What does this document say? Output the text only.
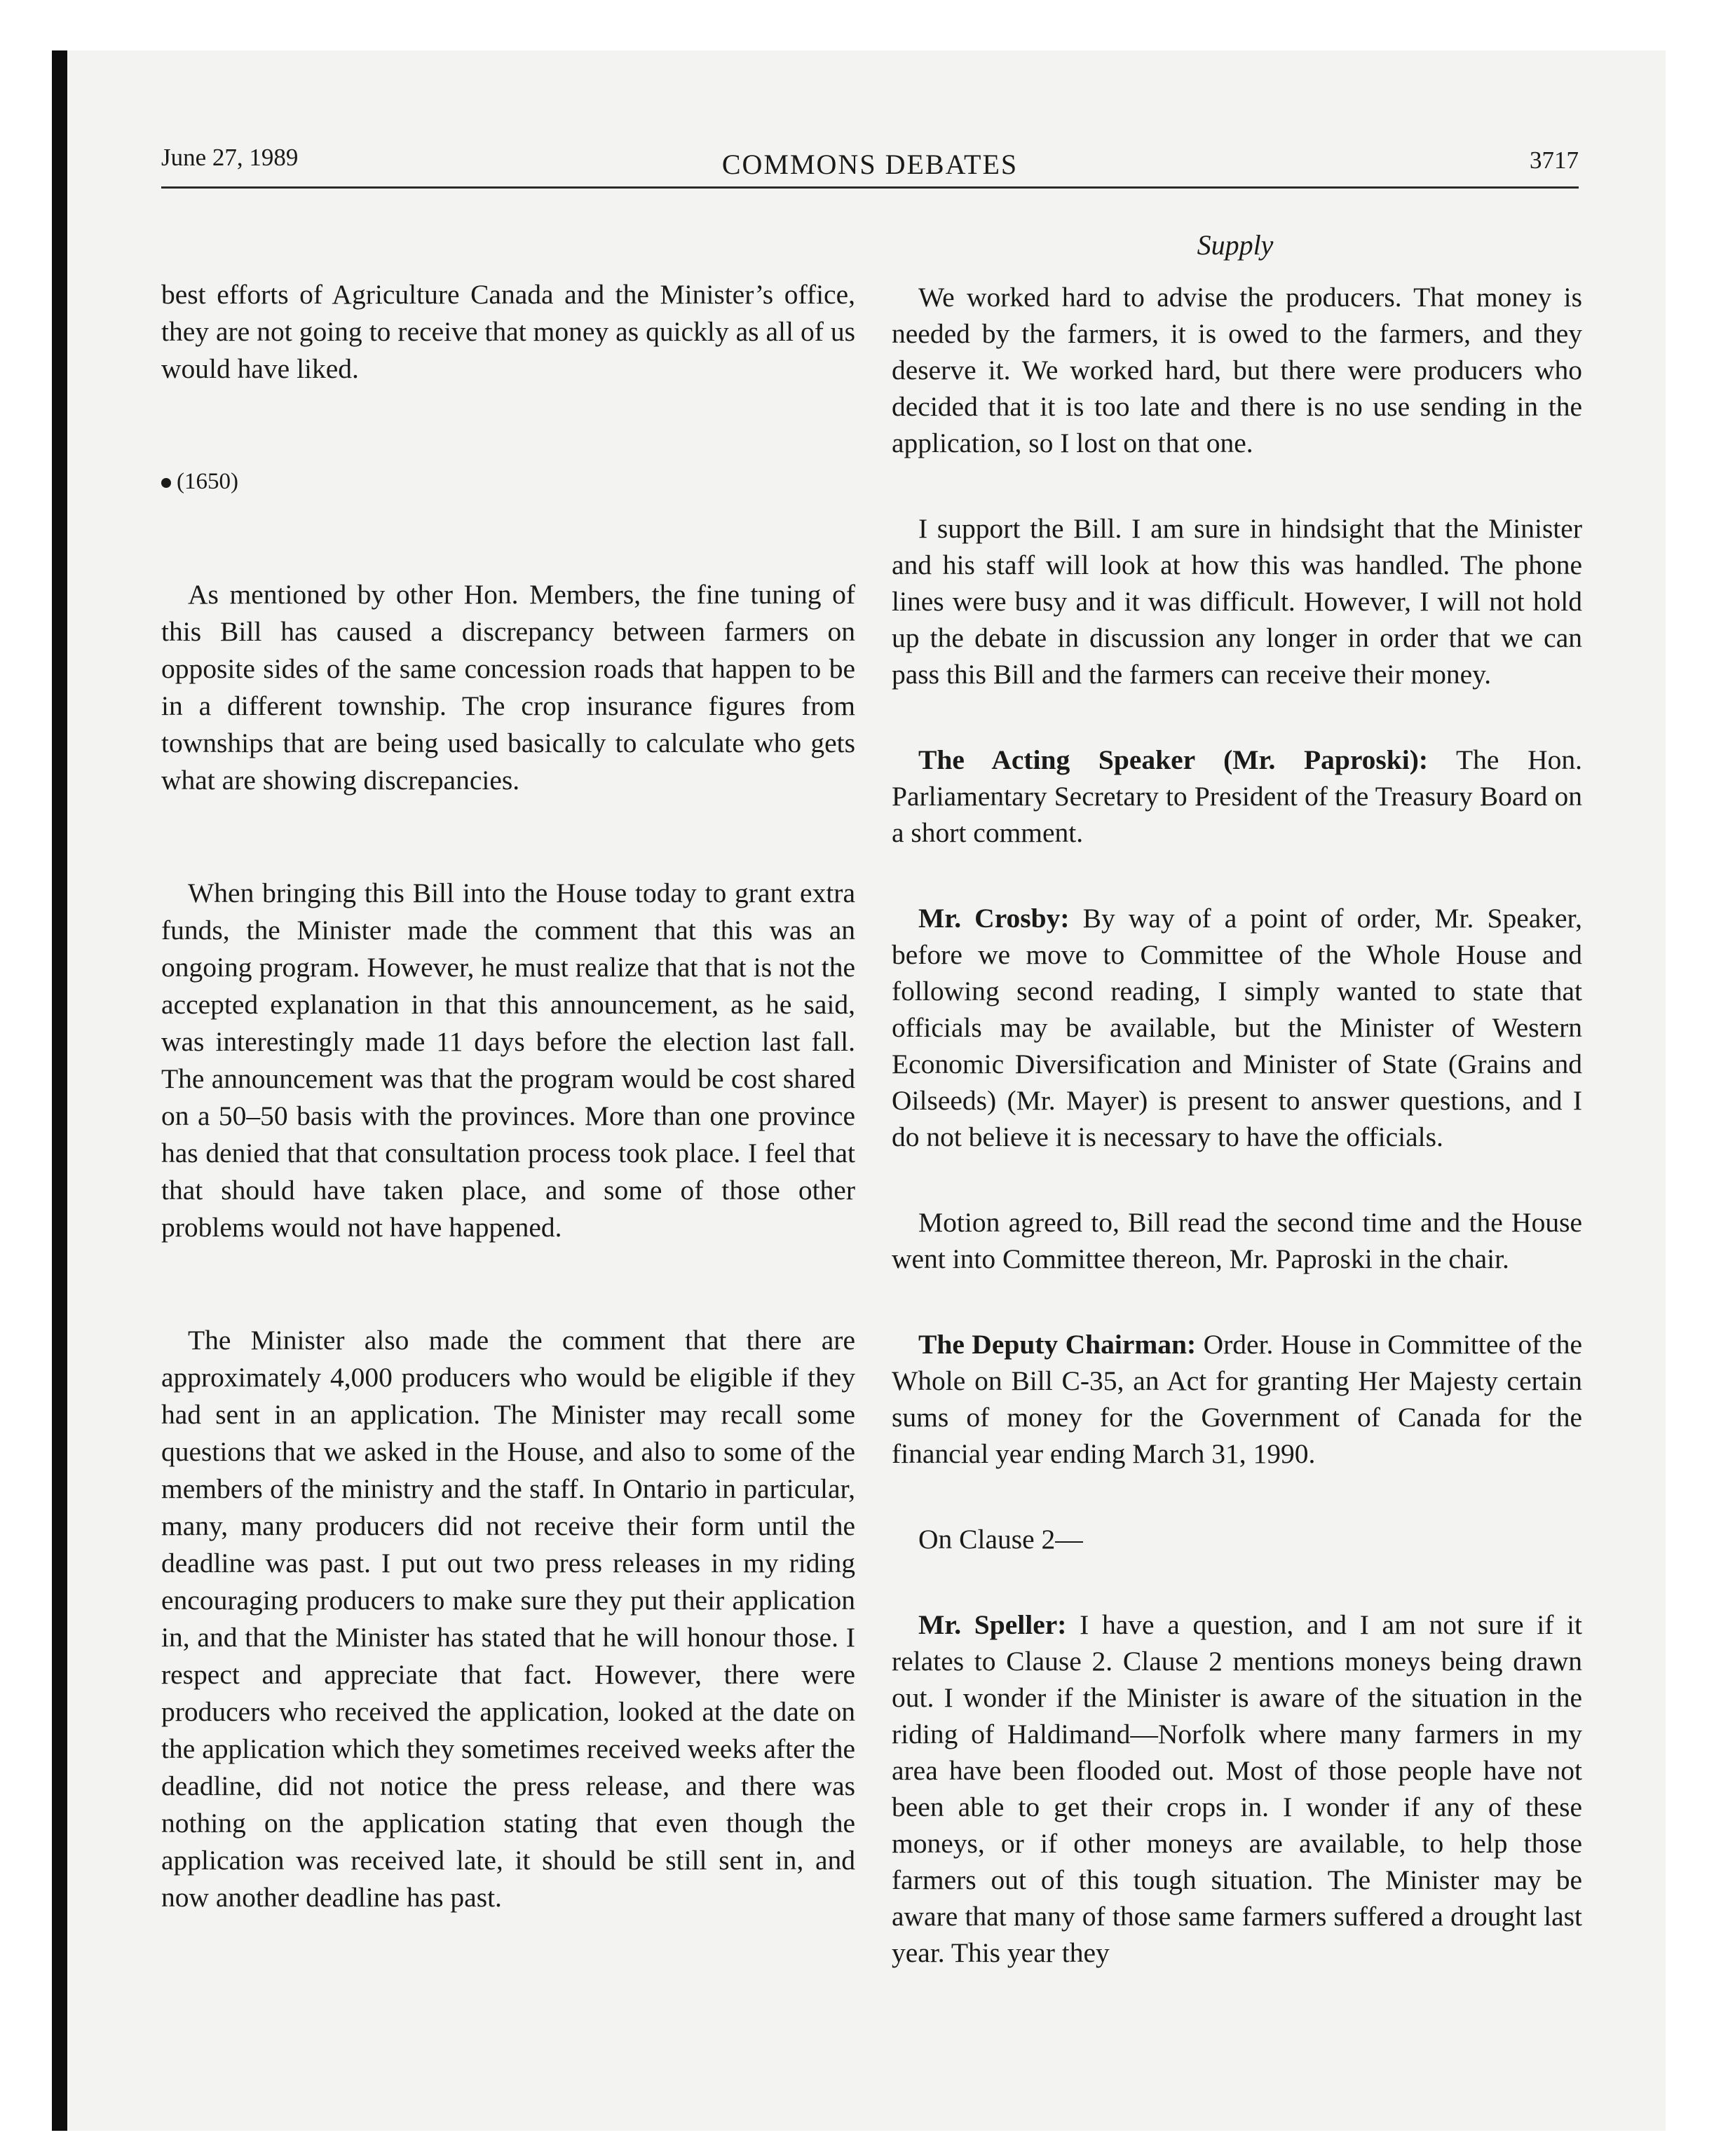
June 27, 1989	COMMONS DEBATES	3717
Supply

best efforts of Agriculture Canada and the Minister’s office, they are not going to receive that money as quickly as all of us would have liked.

(1650)

As mentioned by other Hon. Members, the fine tuning of this Bill has caused a discrepancy between farmers on opposite sides of the same concession roads that happen to be in a different township. The crop insurance figures from townships that are being used basically to calculate who gets what are showing discrepancies.

When bringing this Bill into the House today to grant extra funds, the Minister made the comment that this was an ongoing program. However, he must realize that that is not the accepted explanation in that this announcement, as he said, was interestingly made 11 days before the election last fall. The announcement was that the program would be cost shared on a 50–50 basis with the provinces. More than one province has denied that that consultation process took place. I feel that that should have taken place, and some of those other problems would not have happened.

The Minister also made the comment that there are approximately 4,000 producers who would be eligible if they had sent in an application. The Minister may recall some questions that we asked in the House, and also to some of the members of the ministry and the staff. In Ontario in particular, many, many producers did not receive their form until the deadline was past. I put out two press releases in my riding encouraging producers to make sure they put their application in, and that the Minister has stated that he will honour those. I respect and appreciate that fact. However, there were producers who received the application, looked at the date on the application which they sometimes received weeks after the deadline, did not notice the press release, and there was nothing on the application stating that even though the application was received late, it should be still sent in, and now another deadline has past.

We worked hard to advise the producers. That money is needed by the farmers, it is owed to the farmers, and they deserve it. We worked hard, but there were producers who decided that it is too late and there is no use sending in the application, so I lost on that one.

I support the Bill. I am sure in hindsight that the Minister and his staff will look at how this was handled. The phone lines were busy and it was difficult. However, I will not hold up the debate in discussion any longer in order that we can pass this Bill and the farmers can receive their money.

The Acting Speaker (Mr. Paproski): The Hon. Parliamentary Secretary to President of the Treasury Board on a short comment.

Mr. Crosby: By way of a point of order, Mr. Speaker, before we move to Committee of the Whole House and following second reading, I simply wanted to state that officials may be available, but the Minister of Western Economic Diversification and Minister of State (Grains and Oilseeds) (Mr. Mayer) is present to answer questions, and I do not believe it is necessary to have the officials.

Motion agreed to, Bill read the second time and the House went into Committee thereon, Mr. Paproski in the chair.

The Deputy Chairman: Order. House in Committee of the Whole on Bill C-35, an Act for granting Her Majesty certain sums of money for the Government of Canada for the financial year ending March 31, 1990.

On Clause 2—

Mr. Speller: I have a question, and I am not sure if it relates to Clause 2. Clause 2 mentions moneys being drawn out. I wonder if the Minister is aware of the situation in the riding of Haldimand—Norfolk where many farmers in my area have been flooded out. Most of those people have not been able to get their crops in. I wonder if any of these moneys, or if other moneys are available, to help those farmers out of this tough situation. The Minister may be aware that many of those same farmers suffered a drought last year. This year they
